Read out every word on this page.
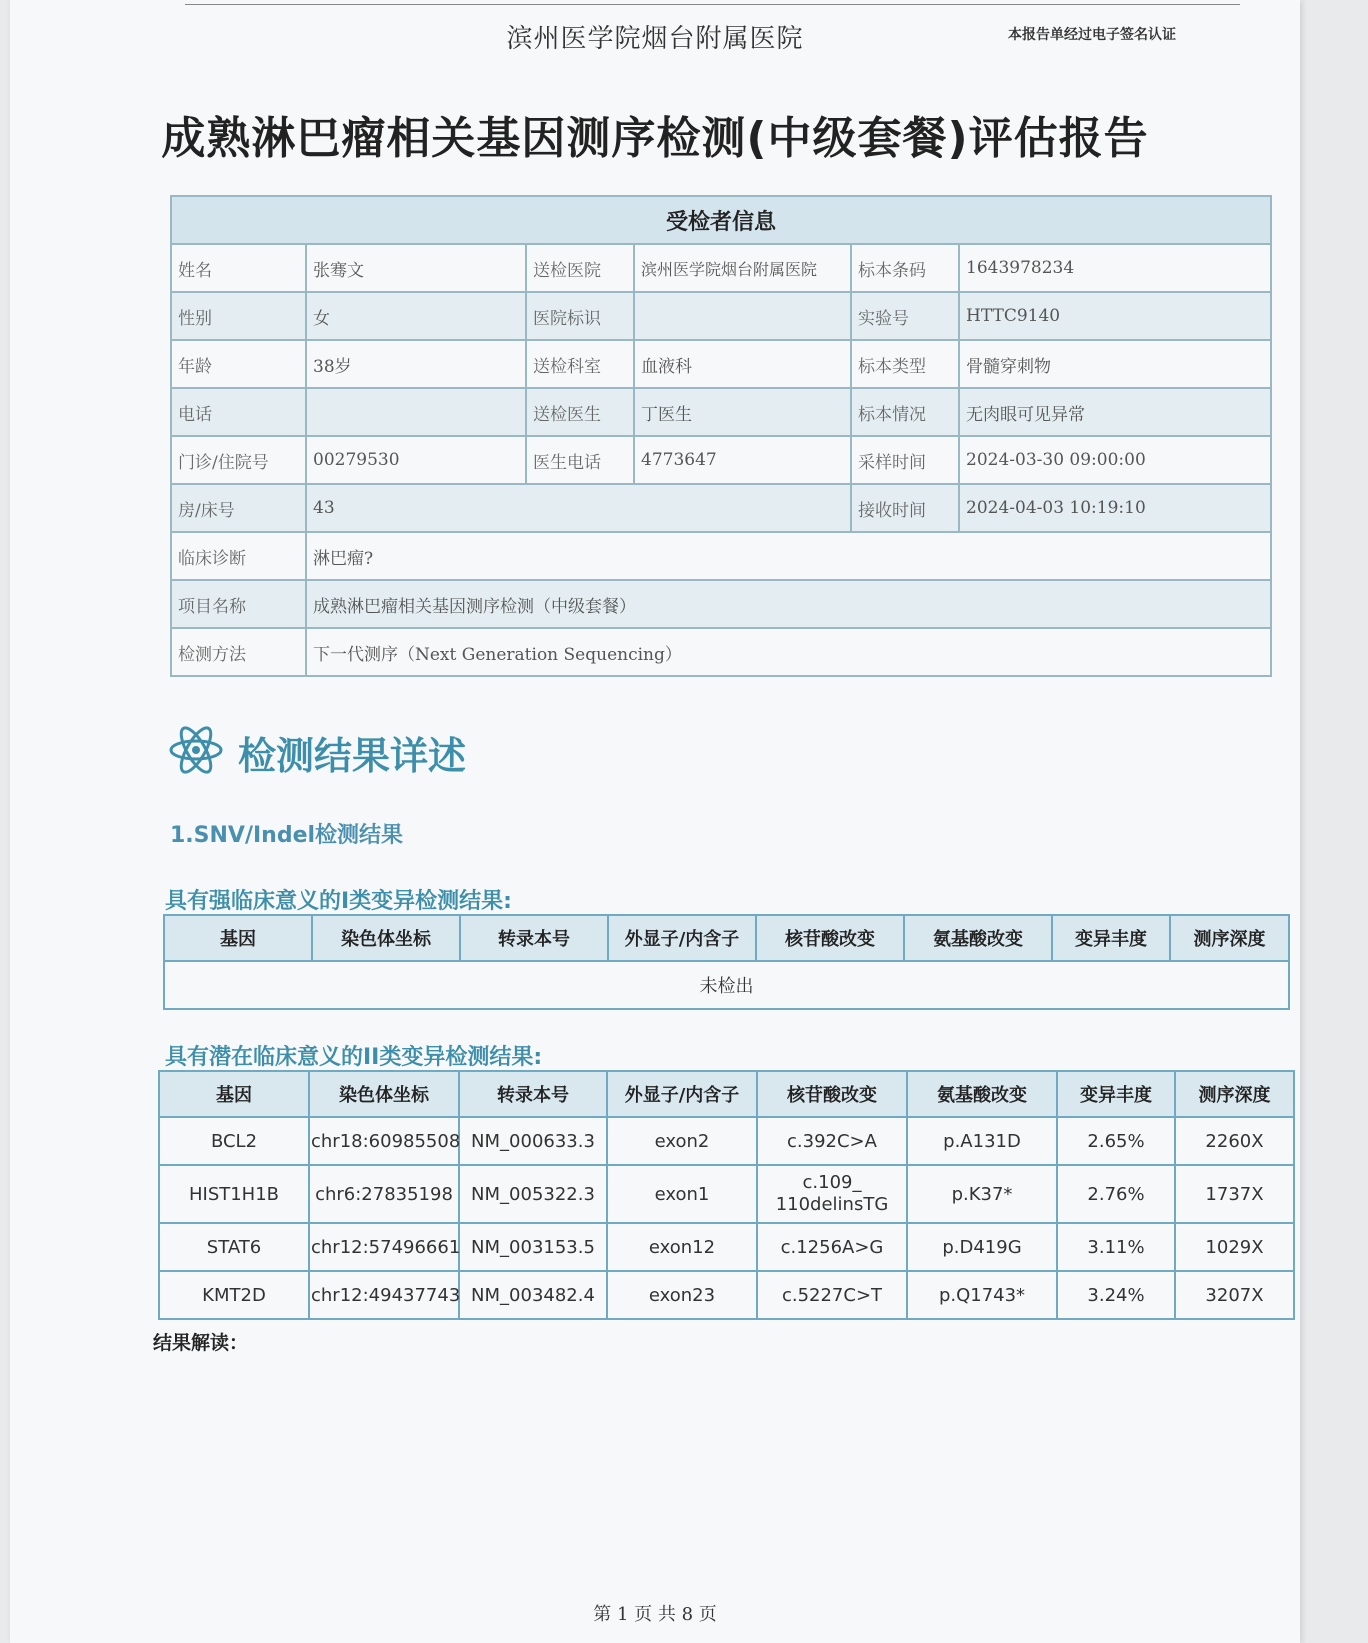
滨州医学院烟台附属医院	本报告单经过电子签名认证
成熟淋巴瘤相关基因测序检测(中级套餐)评估报告
受检者信息					
姓名	张骞文	送检医院	滨州医学院烟台附属医院	标本条码	1643978234
性别	女	医院标识		实验号	HTTC9140
年龄	38岁	送检科室	血液科	标本类型	骨髓穿刺物
电话		送检医生	丁医生	标本情况	无肉眼可见异常
门诊/住院号	00279530	医生电话	4773647	采样时间	2024-03-30 09:00:00
房/床号	43			接收时间	2024-04-03 10:19:10
临床诊断	淋巴瘤?				
项目名称	成熟淋巴瘤相关基因测序检测（中级套餐）				
检测方法	下一代测序（Next Generation Sequencing）				
检测结果详述
1.SNV/Indel检测结果
具有强临床意义的I类变异检测结果:
基因	染色体坐标	转录本号	外显子/内含子	核苷酸改变	氨基酸改变	变异丰度	测序深度
未检出
具有潜在临床意义的II类变异检测结果:
基因	染色体坐标	转录本号	外显子/内含子	核苷酸改变	氨基酸改变	变异丰度	测序深度
BCL2	chr18:60985508	NM_000633.3	exon2	c.392C>A	p.A131D	2.65%	2260X
HIST1H1B	chr6:27835198	NM_005322.3	exon1	c.109_ 110delinsTG	p.K37*	2.76%	1737X
STAT6	chr12:57496661	NM_003153.5	exon12	c.1256A>G	p.D419G	3.11%	1029X
KMT2D	chr12:49437743	NM_003482.4	exon23	c.5227C>T	p.Q1743*	3.24%	3207X
结果解读：
第 1 页 共 8 页
